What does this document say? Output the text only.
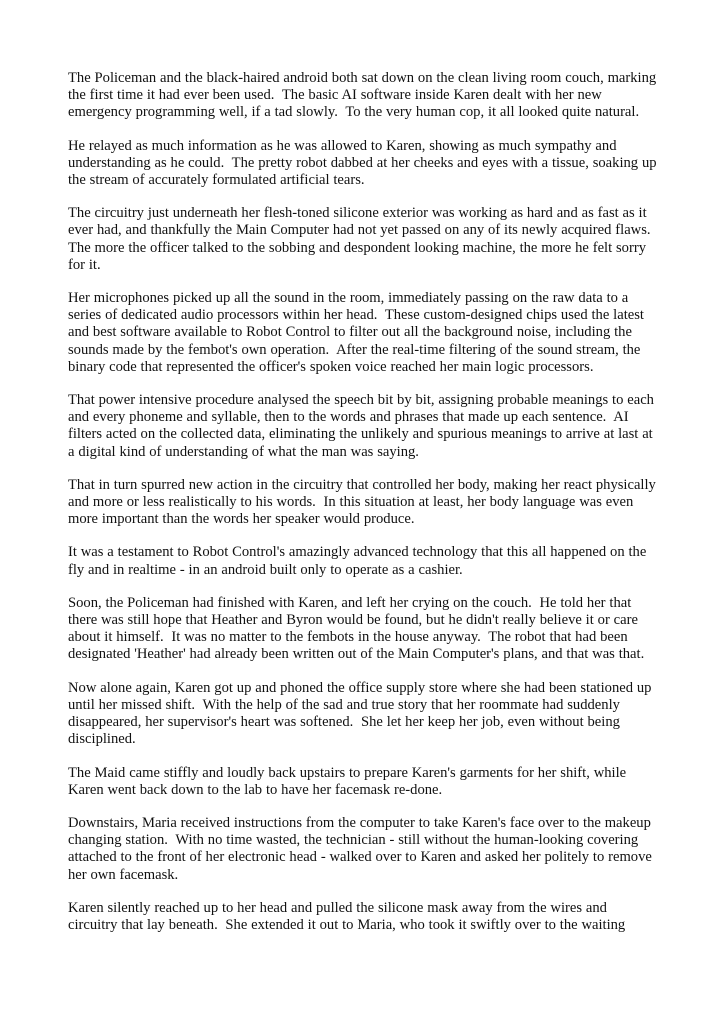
The Policeman and the black-haired android both sat down on the clean living room couch, marking the first time it had ever been used.  The basic AI software inside Karen dealt with her new emergency programming well, if a tad slowly.  To the very human cop, it all looked quite natural.

He relayed as much information as he was allowed to Karen, showing as much sympathy and understanding as he could.  The pretty robot dabbed at her cheeks and eyes with a tissue, soaking up the stream of accurately formulated artificial tears.

The circuitry just underneath her flesh-toned silicone exterior was working as hard and as fast as it ever had, and thankfully the Main Computer had not yet passed on any of its newly acquired flaws.  The more the officer talked to the sobbing and despondent looking machine, the more he felt sorry for it.

Her microphones picked up all the sound in the room, immediately passing on the raw data to a series of dedicated audio processors within her head.  These custom-designed chips used the latest and best software available to Robot Control to filter out all the background noise, including the sounds made by the fembot's own operation.  After the real-time filtering of the sound stream, the binary code that represented the officer's spoken voice reached her main logic processors.

That power intensive procedure analysed the speech bit by bit, assigning probable meanings to each and every phoneme and syllable, then to the words and phrases that made up each sentence.  AI filters acted on the collected data, eliminating the unlikely and spurious meanings to arrive at last at a digital kind of understanding of what the man was saying.

That in turn spurred new action in the circuitry that controlled her body, making her react physically and more or less realistically to his words.  In this situation at least, her body language was even more important than the words her speaker would produce.

It was a testament to Robot Control's amazingly advanced technology that this all happened on the fly and in realtime - in an android built only to operate as a cashier.

Soon, the Policeman had finished with Karen, and left her crying on the couch.  He told her that there was still hope that Heather and Byron would be found, but he didn't really believe it or care about it himself.  It was no matter to the fembots in the house anyway.  The robot that had been designated 'Heather' had already been written out of the Main Computer's plans, and that was that.

Now alone again, Karen got up and phoned the office supply store where she had been stationed up until her missed shift.  With the help of the sad and true story that her roommate had suddenly disappeared, her supervisor's heart was softened.  She let her keep her job, even without being disciplined.

The Maid came stiffly and loudly back upstairs to prepare Karen's garments for her shift, while Karen went back down to the lab to have her facemask re-done.

Downstairs, Maria received instructions from the computer to take Karen's face over to the makeup changing station.  With no time wasted, the technician - still without the human-looking covering attached to the front of her electronic head - walked over to Karen and asked her politely to remove her own facemask.

Karen silently reached up to her head and pulled the silicone mask away from the wires and circuitry that lay beneath.  She extended it out to Maria, who took it swiftly over to the waiting
